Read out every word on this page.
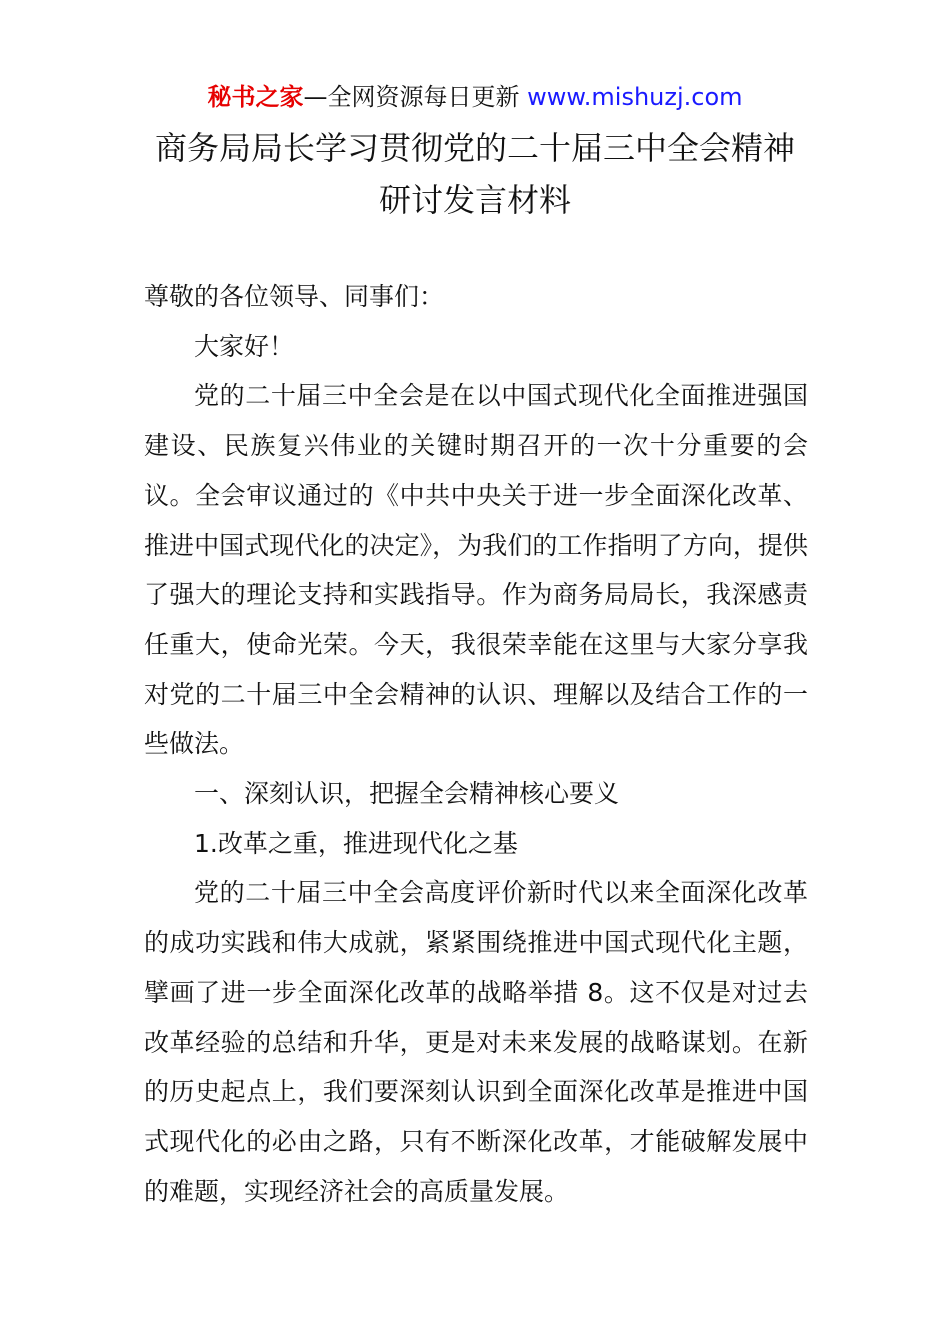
秘书之家—全网资源每日更新 www.mishuzj.com
商务局局长学习贯彻党的二十届三中全会精神
研讨发言材料

尊敬的各位领导、同事们：

大家好！

党的二十届三中全会是在以中国式现代化全面推进强国建设、民族复兴伟业的关键时期召开的一次十分重要的会议。全会审议通过的《中共中央关于进一步全面深化改革、推进中国式现代化的决定》，为我们的工作指明了方向，提供了强大的理论支持和实践指导。作为商务局局长，我深感责任重大，使命光荣。今天，我很荣幸能在这里与大家分享我对党的二十届三中全会精神的认识、理解以及结合工作的一些做法。

一、深刻认识，把握全会精神核心要义

1.改革之重，推进现代化之基

党的二十届三中全会高度评价新时代以来全面深化改革的成功实践和伟大成就，紧紧围绕推进中国式现代化主题，擘画了进一步全面深化改革的战略举措 8。这不仅是对过去改革经验的总结和升华，更是对未来发展的战略谋划。在新的历史起点上，我们要深刻认识到全面深化改革是推进中国式现代化的必由之路，只有不断深化改革，才能破解发展中的难题，实现经济社会的高质量发展。
